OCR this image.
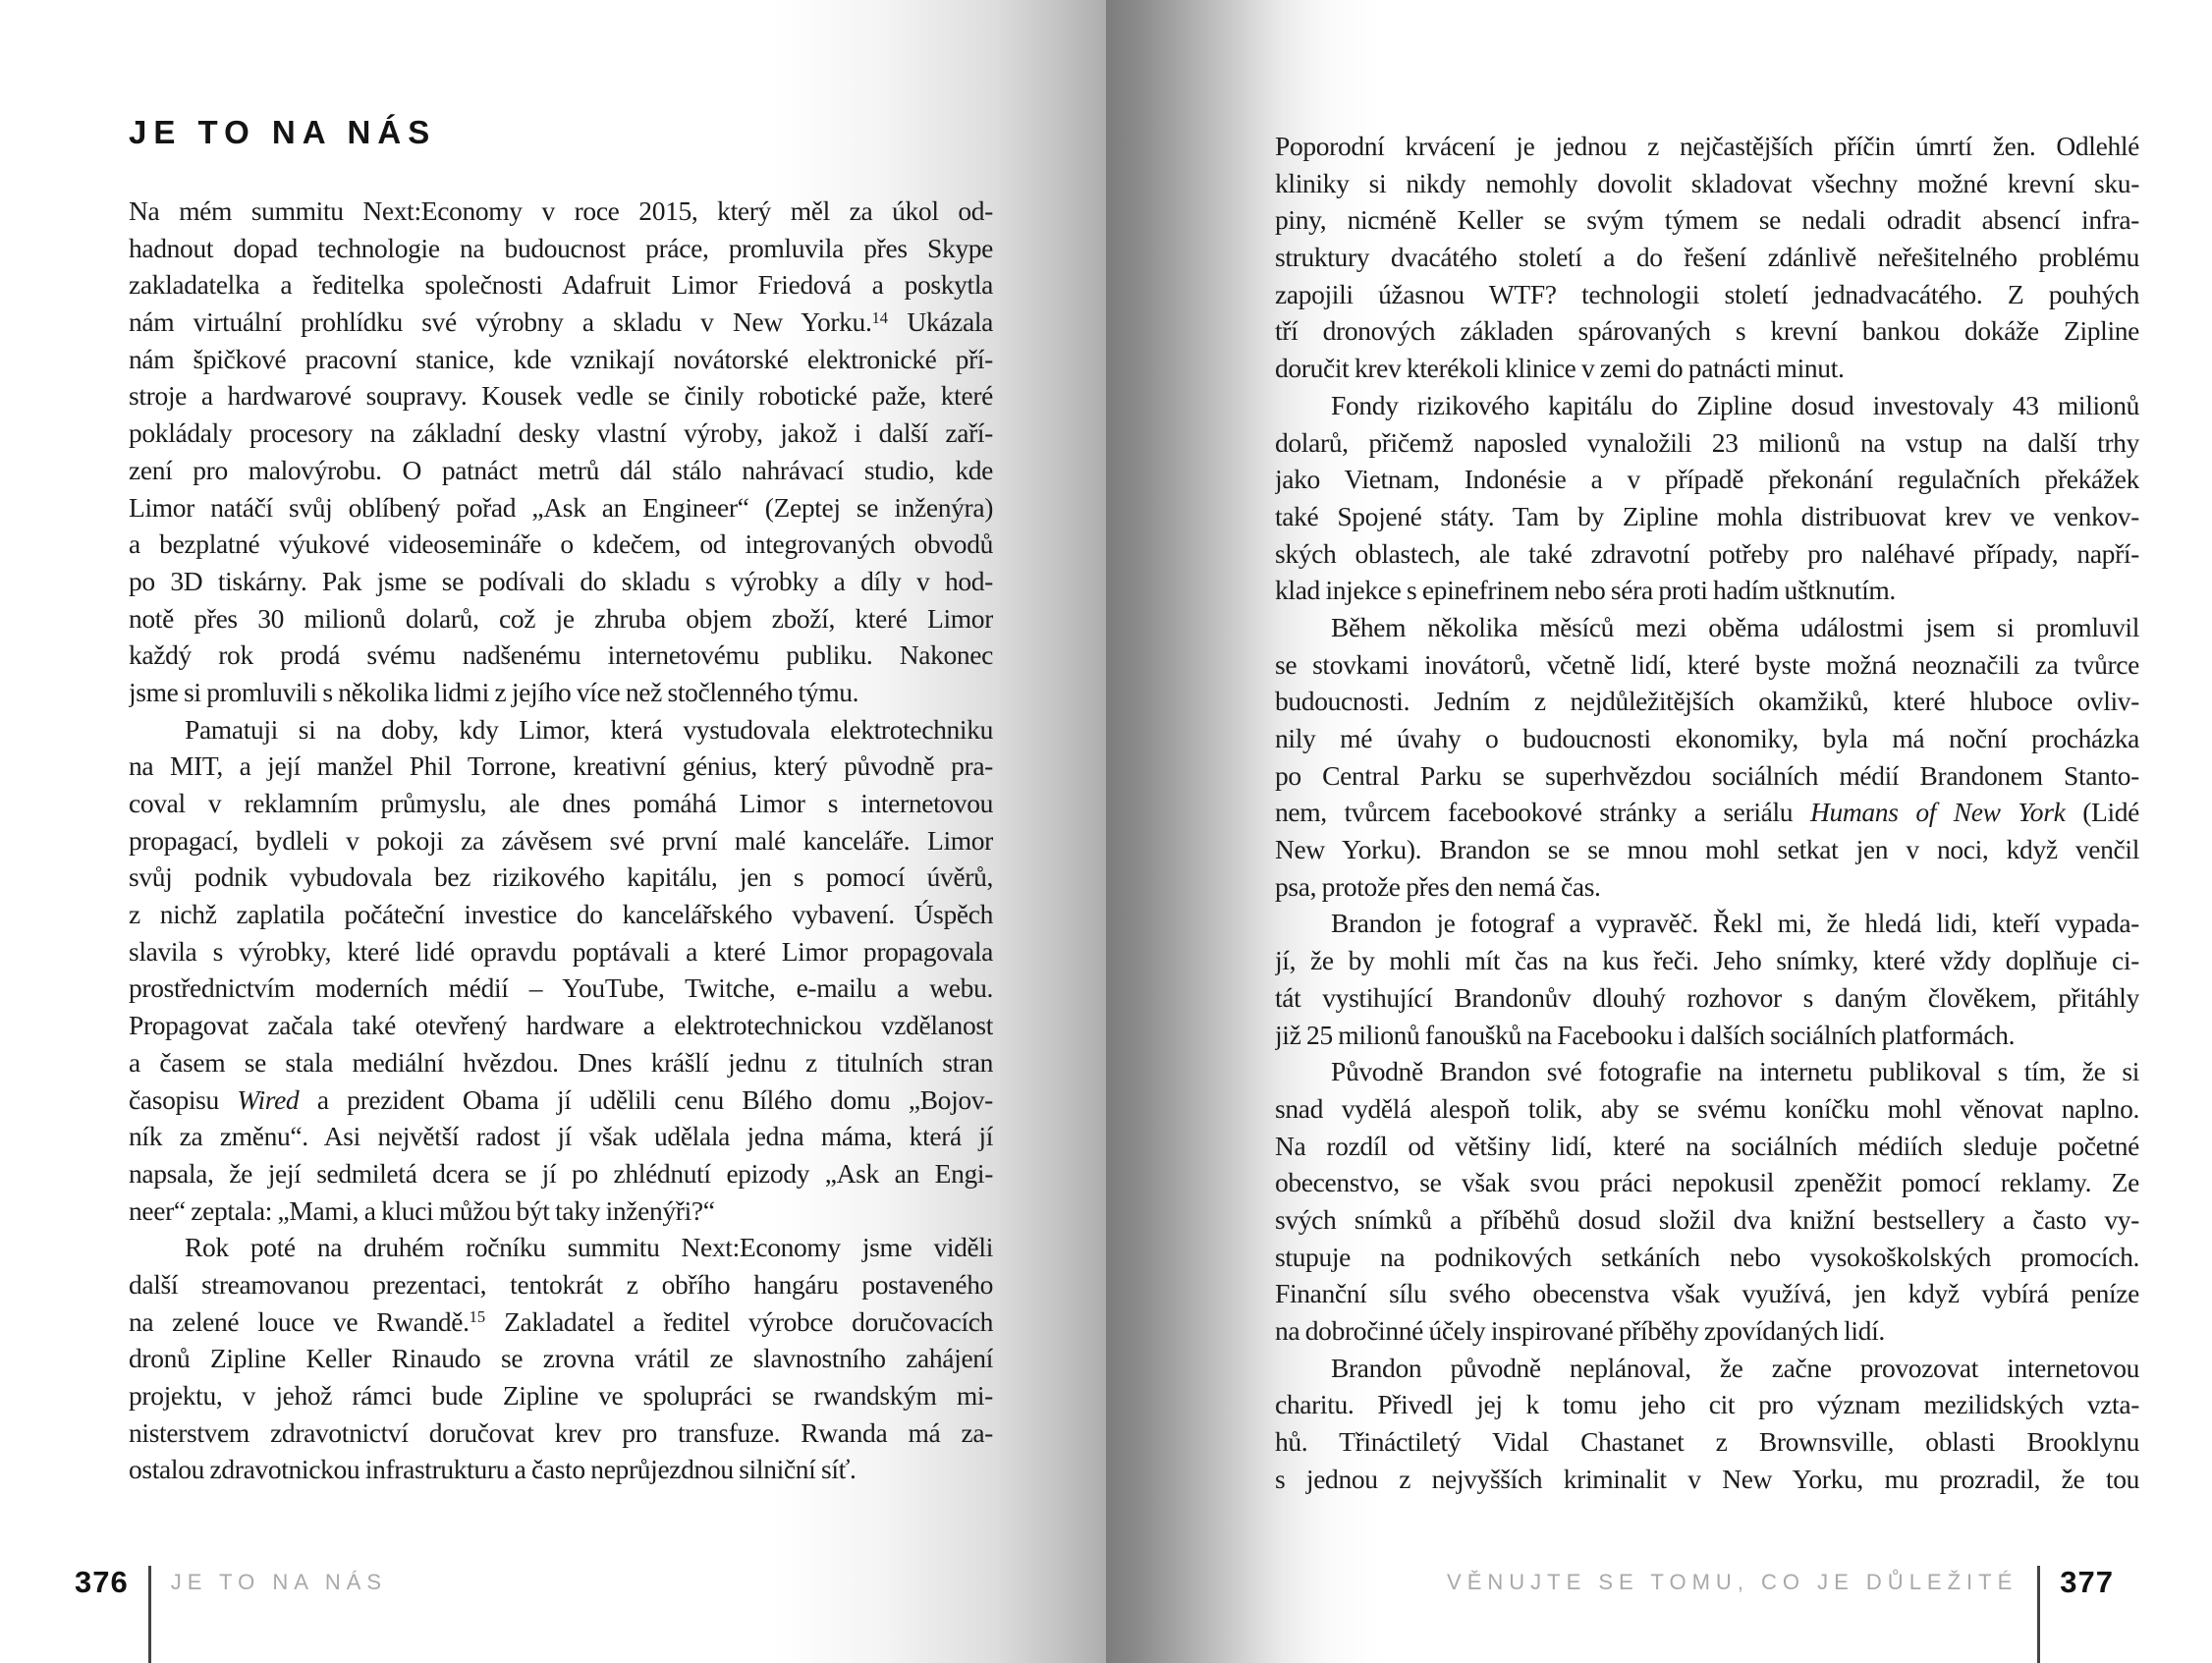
JE TO NA NÁS
Na mém summitu Next:Economy v roce 2015, který měl za úkol od-
hadnout dopad technologie na budoucnost práce, promluvila přes Skype
zakladatelka a ředitelka společnosti Adafruit Limor Friedová a poskytla
nám virtuální prohlídku své výrobny a skladu v New Yorku.$^{14}$ Ukázala
nám špičkové pracovní stanice, kde vznikají novátorské elektronické pří-
stroje a hardwarové soupravy. Kousek vedle se činily robotické paže, které
pokládaly procesory na základní desky vlastní výroby, jakož i další zaří-
zení pro malovýrobu. O patnáct metrů dál stálo nahrávací studio, kde
Limor natáčí svůj oblíbený pořad „Ask an Engineer“ (Zeptej se inženýra)
a bezplatné výukové videosemináře o kdečem, od integrovaných obvodů
po 3D tiskárny. Pak jsme se podívali do skladu s výrobky a díly v hod-
notě přes 30 milionů dolarů, což je zhruba objem zboží, které Limor
každý rok prodá svému nadšenému internetovému publiku. Nakonec
jsme si promluvili s několika lidmi z jejího více než stočlenného týmu.
Pamatuji si na doby, kdy Limor, která vystudovala elektrotechniku
na MIT, a její manžel Phil Torrone, kreativní génius, který původně pra-
coval v reklamním průmyslu, ale dnes pomáhá Limor s internetovou
propagací, bydleli v pokoji za závěsem své první malé kanceláře. Limor
svůj podnik vybudovala bez rizikového kapitálu, jen s pomocí úvěrů,
z nichž zaplatila počáteční investice do kancelářského vybavení. Úspěch
slavila s výrobky, které lidé opravdu poptávali a které Limor propagovala
prostřednictvím moderních médií – YouTube, Twitche, e-mailu a webu.
Propagovat začala také otevřený hardware a elektrotechnickou vzdělanost
a časem se stala mediální hvězdou. Dnes krášlí jednu z titulních stran
časopisu Wired a prezident Obama jí udělili cenu Bílého domu „Bojov-
ník za změnu“. Asi největší radost jí však udělala jedna máma, která jí
napsala, že její sedmiletá dcera se jí po zhlédnutí epizody „Ask an Engi-
neer“ zeptala: „Mami, a kluci můžou být taky inženýři?“
Rok poté na druhém ročníku summitu Next:Economy jsme viděli
další streamovanou prezentaci, tentokrát z obřího hangáru postaveného
na zelené louce ve Rwandě.$^{15}$ Zakladatel a ředitel výrobce doručovacích
dronů Zipline Keller Rinaudo se zrovna vrátil ze slavnostního zahájení
projektu, v jehož rámci bude Zipline ve spolupráci se rwandským mi-
nisterstvem zdravotnictví doručovat krev pro transfuze. Rwanda má za-
ostalou zdravotnickou infrastrukturu a často neprůjezdnou silniční síť.
Poporodní krvácení je jednou z nejčastějších příčin úmrtí žen. Odlehlé
kliniky si nikdy nemohly dovolit skladovat všechny možné krevní sku-
piny, nicméně Keller se svým týmem se nedali odradit absencí infra-
struktury dvacátého století a do řešení zdánlivě neřešitelného problému
zapojili úžasnou WTF? technologii století jednadvacátého. Z pouhých
tří dronových základen spárovaných s krevní bankou dokáže Zipline
doručit krev kterékoli klinice v zemi do patnácti minut.
Fondy rizikového kapitálu do Zipline dosud investovaly 43 milionů
dolarů, přičemž naposled vynaložili 23 milionů na vstup na další trhy
jako Vietnam, Indonésie a v případě překonání regulačních překážek
také Spojené státy. Tam by Zipline mohla distribuovat krev ve venkov-
ských oblastech, ale také zdravotní potřeby pro naléhavé případy, napří-
klad injekce s epinefrinem nebo séra proti hadím uštknutím.
Během několika měsíců mezi oběma událostmi jsem si promluvil
se stovkami inovátorů, včetně lidí, které byste možná neoznačili za tvůrce
budoucnosti. Jedním z nejdůležitějších okamžiků, které hluboce ovliv-
nily mé úvahy o budoucnosti ekonomiky, byla má noční procházka
po Central Parku se superhvězdou sociálních médií Brandonem Stanto-
nem, tvůrcem facebookové stránky a seriálu Humans of New York (Lidé
New Yorku). Brandon se se mnou mohl setkat jen v noci, když venčil
psa, protože přes den nemá čas.
Brandon je fotograf a vypravěč. Řekl mi, že hledá lidi, kteří vypada-
jí, že by mohli mít čas na kus řeči. Jeho snímky, které vždy doplňuje ci-
tát vystihující Brandonův dlouhý rozhovor s daným člověkem, přitáhly
již 25 milionů fanoušků na Facebooku i dalších sociálních platformách.
Původně Brandon své fotografie na internetu publikoval s tím, že si
snad vydělá alespoň tolik, aby se svému koníčku mohl věnovat naplno.
Na rozdíl od většiny lidí, které na sociálních médiích sleduje početné
obecenstvo, se však svou práci nepokusil zpeněžit pomocí reklamy. Ze
svých snímků a příběhů dosud složil dva knižní bestsellery a často vy-
stupuje na podnikových setkáních nebo vysokoškolských promocích.
Finanční sílu svého obecenstva však využívá, jen když vybírá peníze
na dobročinné účely inspirované příběhy zpovídaných lidí.
Brandon původně neplánoval, že začne provozovat internetovou
charitu. Přivedl jej k tomu jeho cit pro význam mezilidských vzta-
hů. Třináctiletý Vidal Chastanet z Brownsville, oblasti Brooklynu
s jednou z nejvyšších kriminalit v New Yorku, mu prozradil, že tou
376 JE TO NA NÁS	VĚNUJTE SE TOMU, CO JE DŮLEŽITÉ 377
